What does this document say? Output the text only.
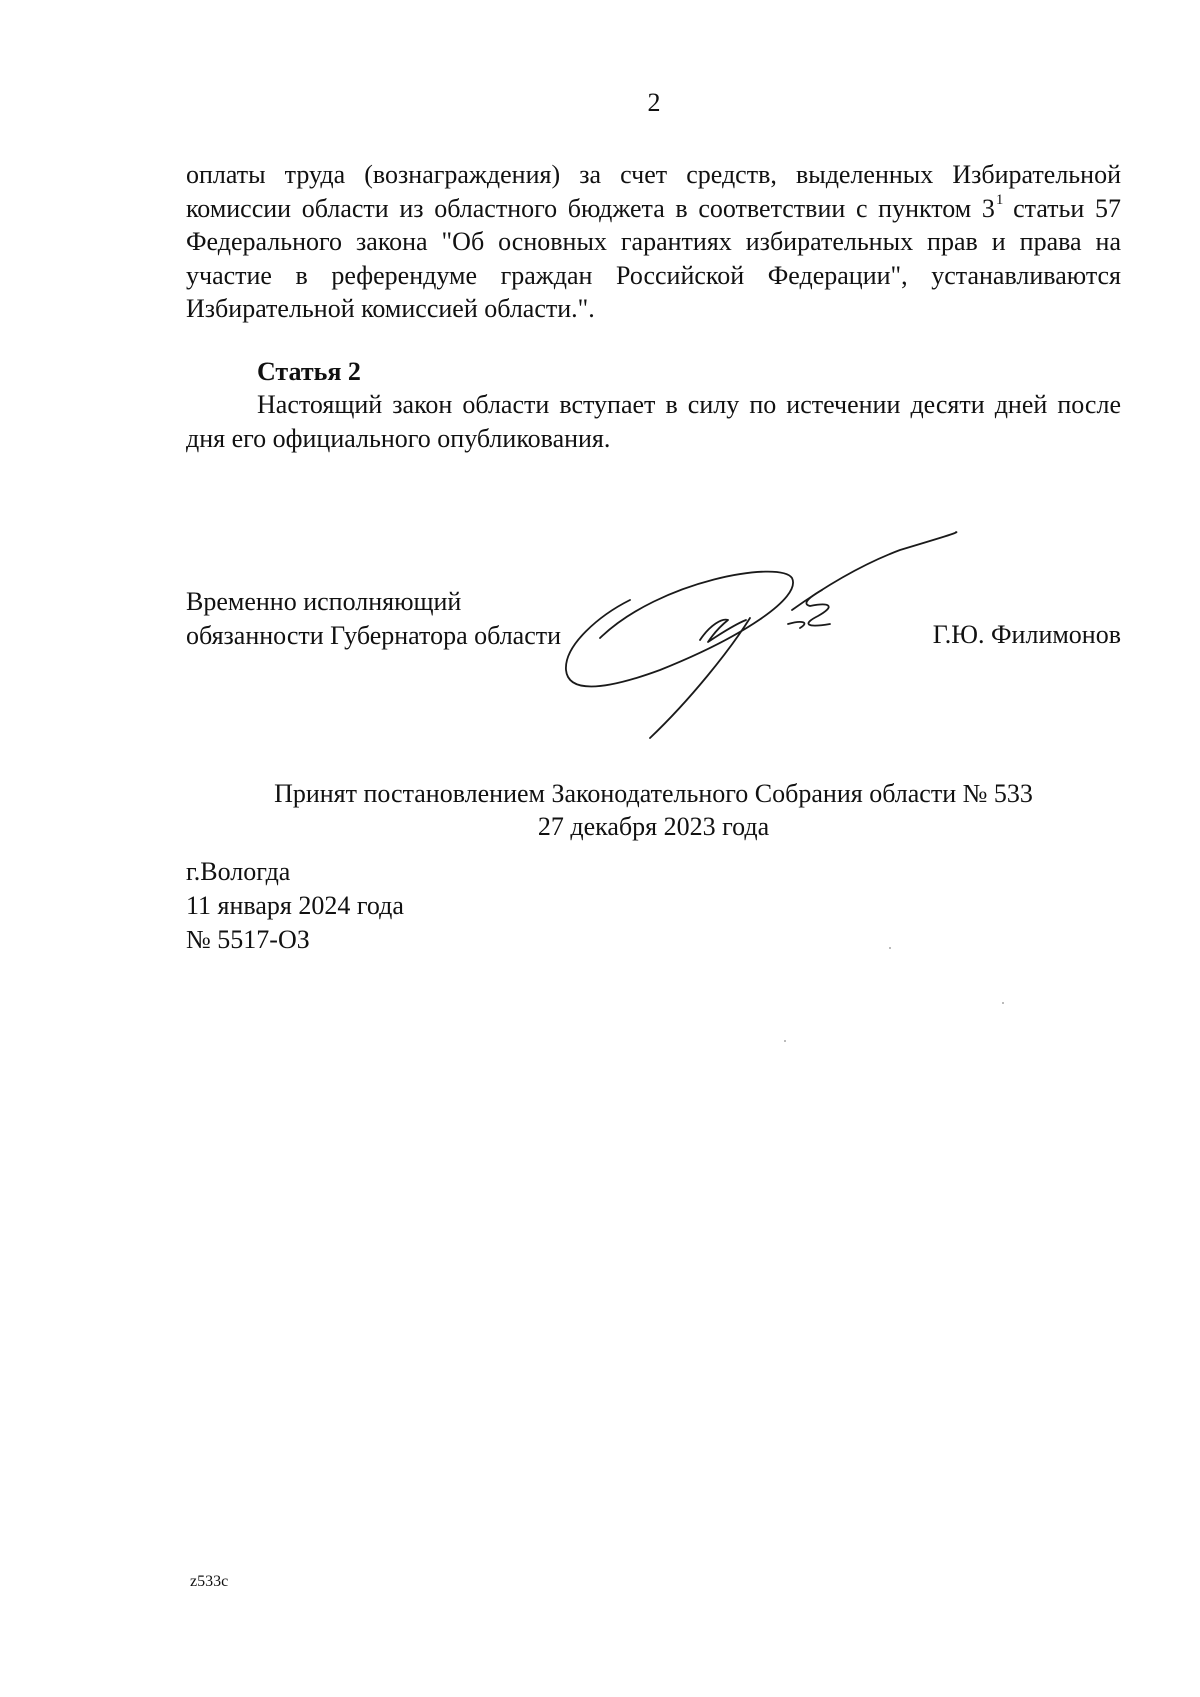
2
оплаты труда (вознаграждения) за счет средств, выделенных Избирательной комиссии области из областного бюджета в соответствии с пунктом $3^1$ статьи 57 Федерального закона "Об основных гарантиях избирательных прав и права на участие в референдуме граждан Российской Федерации", устанавливаются Избирательной комиссией области.".
Статья 2
Настоящий закон области вступает в силу по истечении десяти дней после дня его официального опубликования.
Временно исполняющий
обязанности Губернатора области	Г.Ю. Филимонов
Принят постановлением Законодательного Собрания области № 533
27 декабря 2023 года
г.Вологда
11 января 2024 года
№ 5517-ОЗ
z533c
